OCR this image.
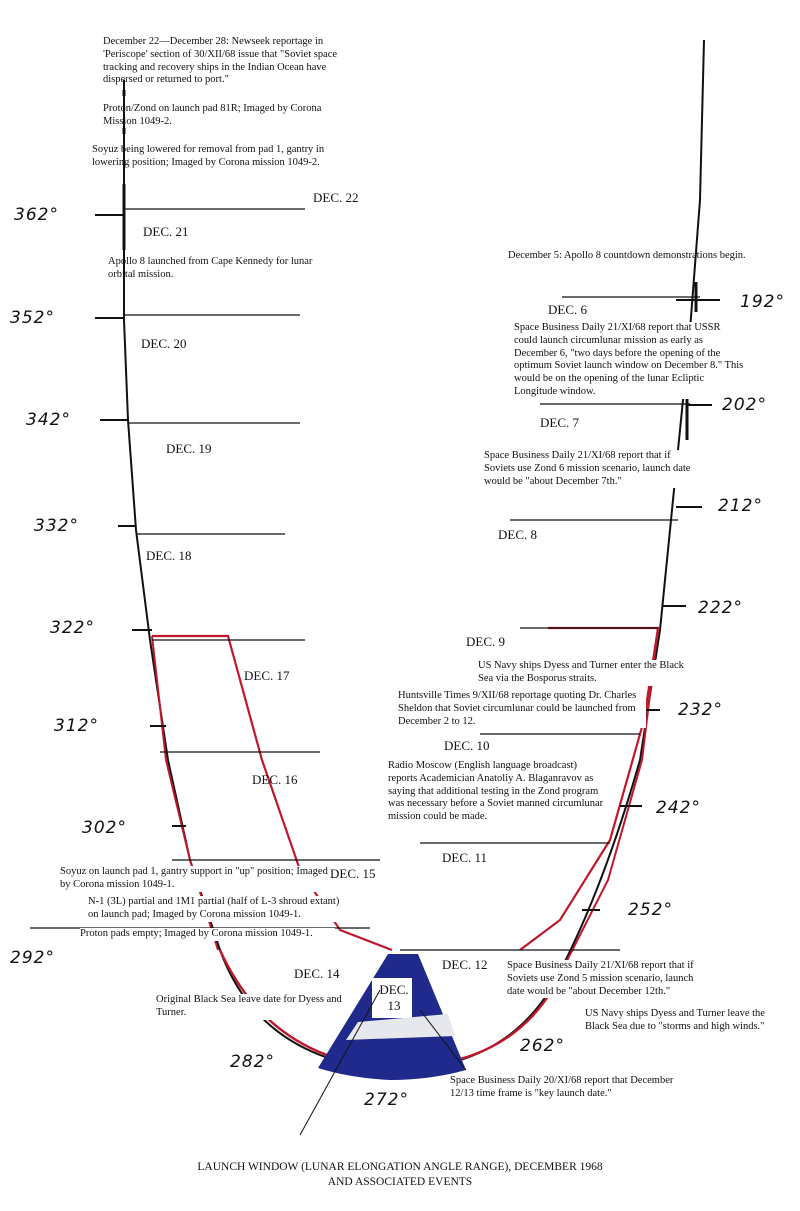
December 22—December 28: Newseek reportage in 'Periscope' section of 30/XII/68 issue that "Soviet space tracking and recovery ships in the Indian Ocean have dispersed or returned to port."
Proton/Zond on launch pad 81R; Imaged by Corona Mission 1049-2.
Soyuz being lowered for removal from pad 1, gantry in lowering position; Imaged by Corona mission 1049-2.
Apollo 8 launched from Cape Kennedy for lunar orbital mission.
Soyuz on launch pad 1, gantry support in "up" position; Imaged by Corona mission 1049-1.
N-1 (3L) partial and 1M1 partial (half of L-3 shroud extant) on launch pad; Imaged by Corona mission 1049-1.
Proton pads empty; Imaged by Corona mission 1049-1.
Original Black Sea leave date for Dyess and Turner.
Space Business Daily 20/XI/68 report that December 12/13 time frame is "key launch date."
December 5: Apollo 8 countdown demonstrations begin.
Space Business Daily 21/XI/68 report that USSR could launch circumlunar mission as early as December 6, "two days before the opening of the optimum Soviet launch window on December 8." This would be on the opening of the lunar Ecliptic Longitude window.
Space Business Daily 21/XI/68 report that if Soviets use Zond 6 mission scenario, launch date would be "about December 7th."
US Navy ships Dyess and Turner enter the Black Sea via the Bosporus straits.
Huntsville Times 9/XII/68 reportage quoting Dr. Charles Sheldon that Soviet circumlunar could be launched from December 2 to 12.
Radio Moscow (English language broadcast) reports Academician Anatoliy A. Blaganravov as saying that additional testing in the Zond program was necessary before a Soviet manned circumlunar mission could be made.
Space Business Daily 21/XI/68 report that if Soviets use Zond 5 mission scenario, launch date would be "about December 12th."
US Navy ships Dyess and Turner leave the Black Sea due to "storms and high winds."
DEC. 22
DEC. 21
DEC. 20
DEC. 19
DEC. 18
DEC. 17
DEC. 16
DEC. 15
DEC. 14
DEC.
13
DEC. 12
DEC. 11
DEC. 10
DEC. 9
DEC. 8
DEC. 7
DEC. 6
362°
352°
342°
332°
322°
312°
302°
292°
282°
272°
262°
252°
242°
232°
222°
212°
202°
192°
LAUNCH WINDOW (LUNAR ELONGATION ANGLE RANGE), DECEMBER 1968
AND ASSOCIATED EVENTS
